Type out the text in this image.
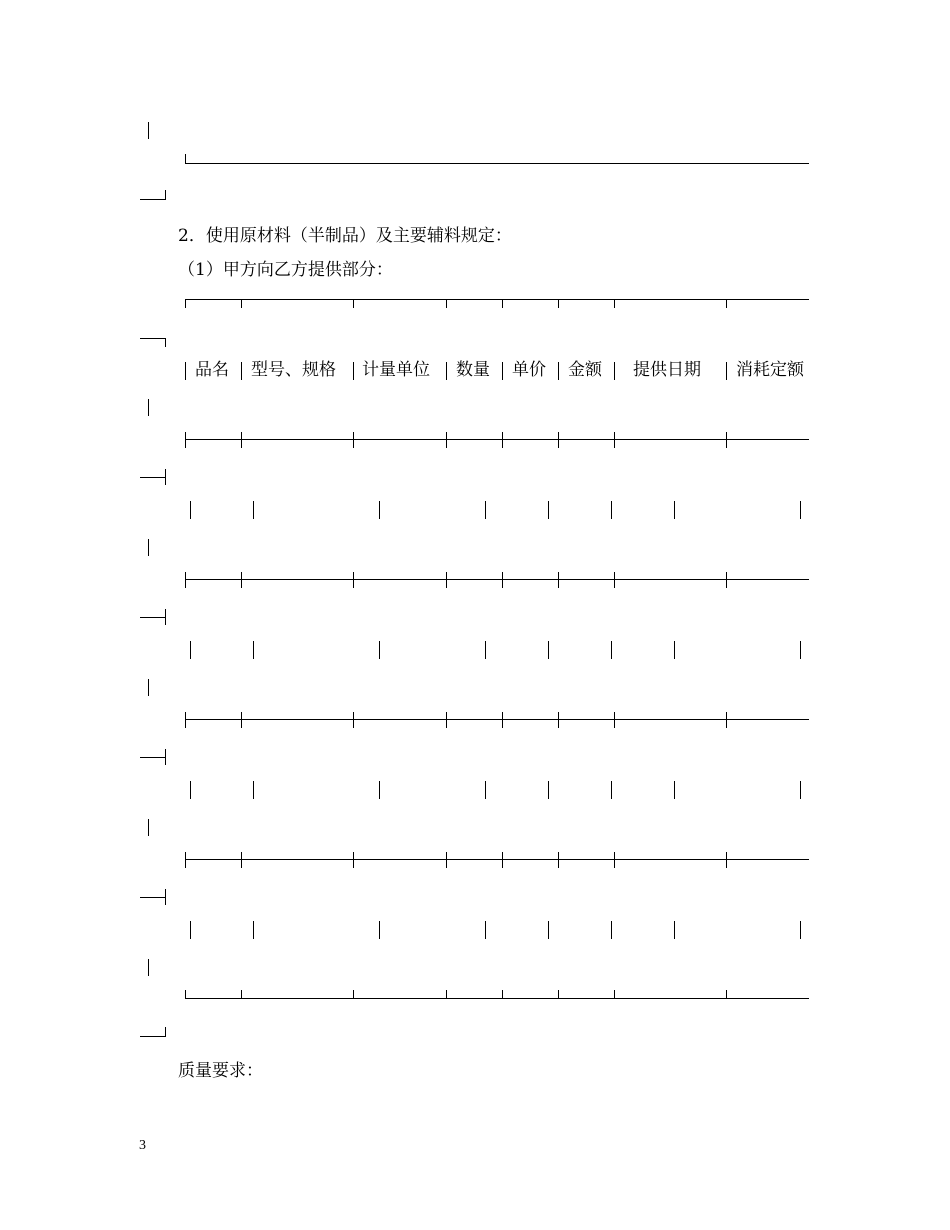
2．使用原材料（半制品）及主要辅料规定：
（1）甲方向乙方提供部分：
品名 型号、规格 计量单位 数量 单价 金额 提供日期 消耗定额
质量要求：
3
